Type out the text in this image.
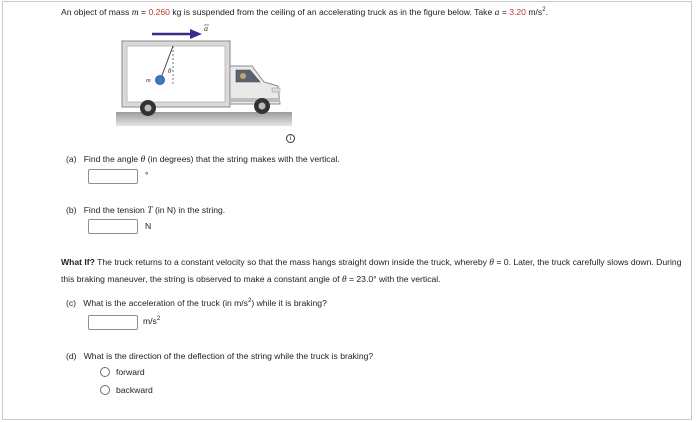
An object of mass m = 0.260 kg is suspended from the ceiling of an accelerating truck as in the figure below. Take a = 3.20 $m/s^2$.
a
θ
m
i
(a) Find the angle θ (in degrees) that the string makes with the vertical.
°
(b) Find the tension T (in N) in the string.
N
What If? The truck returns to a constant velocity so that the mass hangs straight down inside the truck, whereby θ = 0. Later, the truck carefully slows down. During this braking maneuver, the string is observed to make a constant angle of θ = 23.0° with the vertical.
(c) What is the acceleration of the truck (in $m/s^2$) while it is braking?
$m/s^2$
(d) What is the direction of the deflection of the string while the truck is braking?
forward
backward
